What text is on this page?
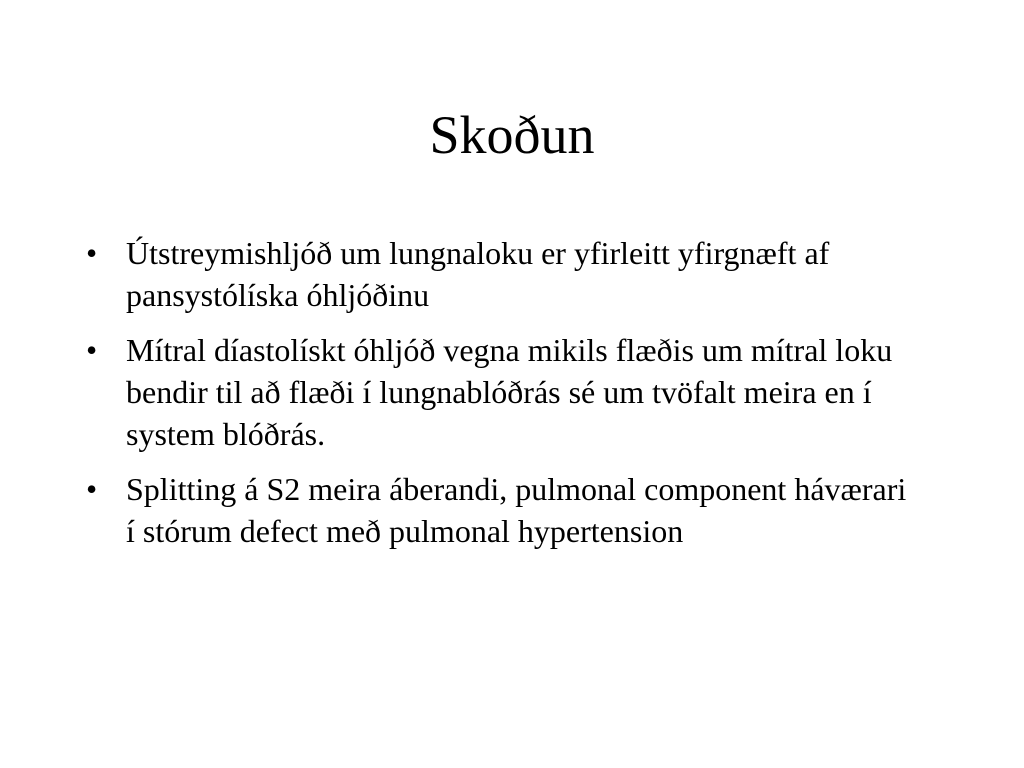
Skoðun
• Útstreymishljóð um lungnaloku er yfirleitt yfirgnæft af pansystólíska óhljóðinu
• Mítral díastolískt óhljóð vegna mikils flæðis um mítral loku bendir til að flæði í lungnablóðrás sé um tvöfalt meira en í system blóðrás.
• Splitting á S2 meira áberandi, pulmonal component háværari í stórum defect með pulmonal hypertension
